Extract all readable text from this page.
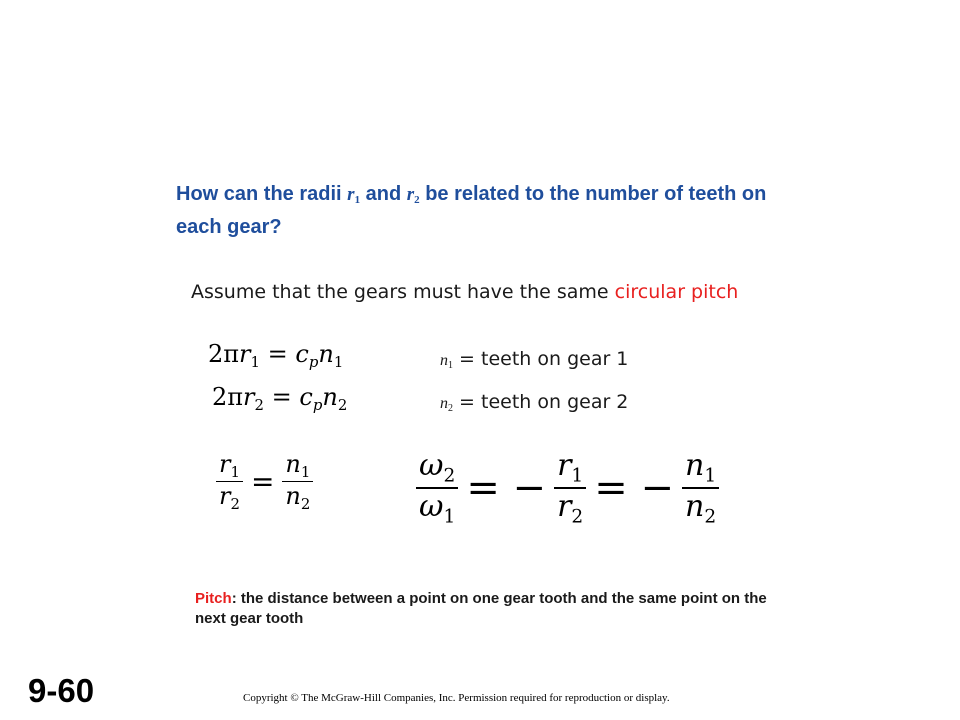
How can the radii $r_1$ and $r_2$ be related to the number of teeth on each gear?
Assume that the gears must have the same circular pitch
$2\pi r_1 = c_pn_1$
$2\pi r_2 = c_pn_2$
$n_1$ = teeth on gear 1
$n_2$ = teeth on gear 2
$\frac{r_1}{r_2} = \frac{n_1}{n_2}$	$\frac{\omega_2}{\omega_1}$ = − $\frac{r_1}{r_2}$ = − $\frac{n_1}{n_2}$
Pitch: the distance between a point on one gear tooth and the same point on the next gear tooth
9-60	Copyright © The McGraw-Hill Companies, Inc. Permission required for reproduction or display.
